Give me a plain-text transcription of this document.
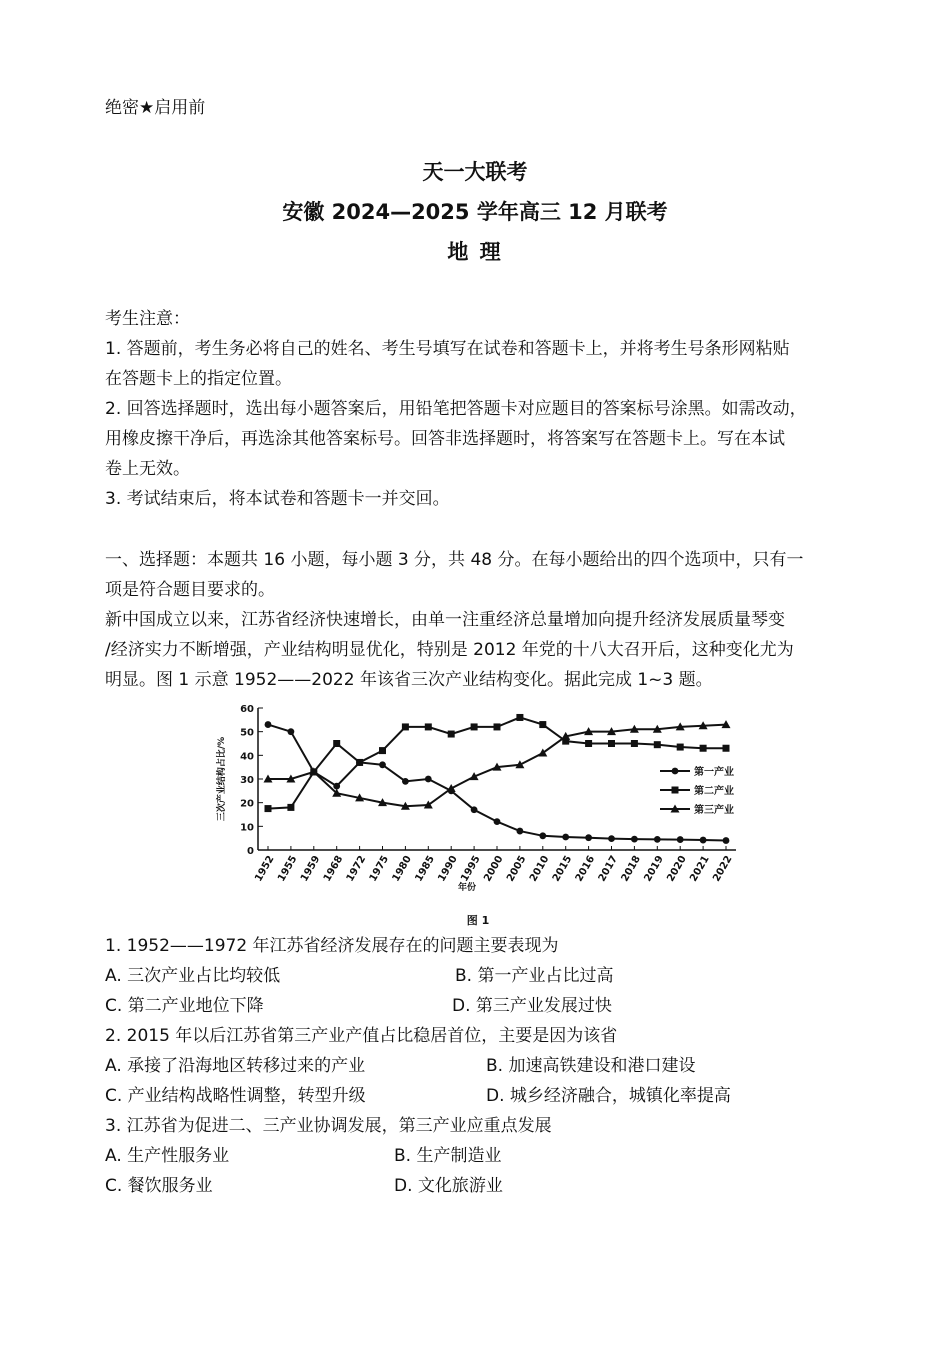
绝密★启用前
天一大联考
安徽 2024—2025 学年高三 12 月联考
地 理
考生注意：
1. 答题前，考生务必将自己的姓名、考生号填写在试卷和答题卡上，并将考生号条形网粘贴
在答题卡上的指定位置。
2. 回答选择题时，选出每小题答案后，用铅笔把答题卡对应题目的答案标号涂黑。如需改动，
用橡皮擦干净后，再选涂其他答案标号。回答非选择题时，将答案写在答题卡上。写在本试
卷上无效。
3. 考试结束后，将本试卷和答题卡一并交回。
一、选择题：本题共 16 小题，每小题 3 分，共 48 分。在每小题给出的四个选项中，只有一
项是符合题目要求的。
新中国成立以来，江苏省经济快速增长，由单一注重经济总量增加向提升经济发展质量琴变
/经济实力不断增强，产业结构明显优化，特别是 2012 年党的十八大召开后，这种变化尤为
明显。图 1 示意 1952——2022 年该省三次产业结构变化。据此完成 1~3 题。
0
10
20
30
40
50
60
1952 1955 1959 1968 1972 1975 1980 1985 1990 1995 2000 2005 2010 2015 2016 2017 2018 2019 2020 2021 2022
三次产业结构占比/%
年份
图 1
第一产业
第二产业
第三产业
1. 1952——1972 年江苏省经济发展存在的问题主要表现为
A. 三次产业占比均较低	B. 第一产业占比过高
C. 第二产业地位下降	D. 第三产业发展过快
2. 2015 年以后江苏省第三产业产值占比稳居首位，主要是因为该省
A. 承接了沿海地区转移过来的产业	B. 加速高铁建设和港口建设
C. 产业结构战略性调整，转型升级	D. 城乡经济融合，城镇化率提高
3. 江苏省为促进二、三产业协调发展，第三产业应重点发展
A. 生产性服务业	B. 生产制造业
C. 餐饮服务业	D. 文化旅游业
